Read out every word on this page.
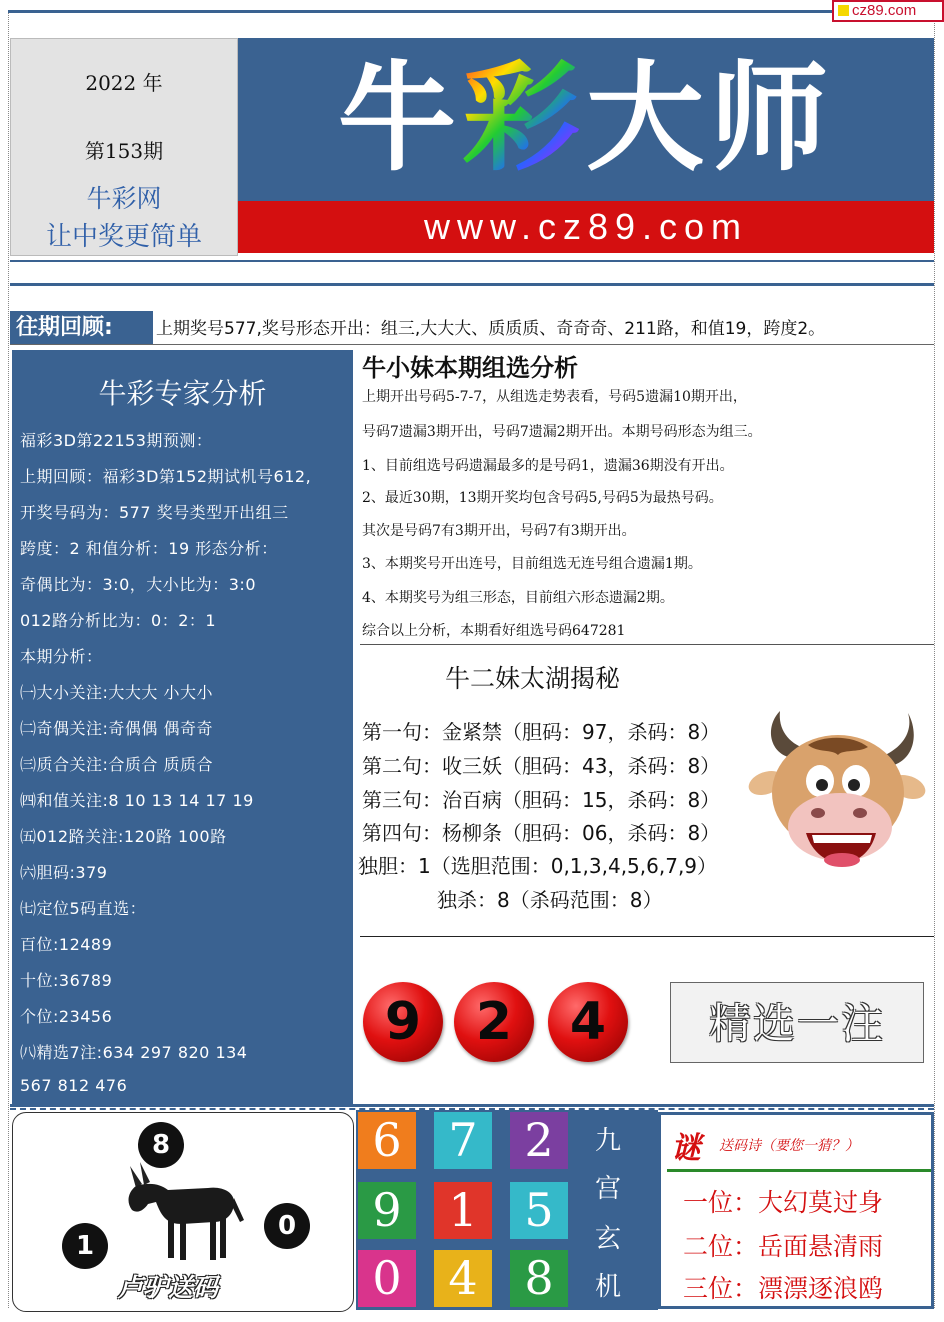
cz89.com
2022 年
第153期
牛彩网
让中奖更简单
牛彩大师
www.cz89.com
往期回顾:	上期奖号577,奖号形态开出：组三,大大大、质质质、奇奇奇、211路，和值19，跨度2。
牛彩专家分析
福彩3D第22153期预测：
上期回顾：福彩3D第152期试机号612,
开奖号码为：577 奖号类型开出组三
跨度：2 和值分析：19 形态分析：
奇偶比为：3:0，大小比为：3:0
012路分析比为：0：2：1
本期分析：
㈠大小关注:大大大 小大小
㈡奇偶关注:奇偶偶 偶奇奇
㈢质合关注:合质合 质质合
㈣和值关注:8 10 13 14 17 19
㈤012路关注:120路 100路
㈥胆码:379
㈦定位5码直选：
百位:12489
十位:36789
个位:23456
㈧精选7注:634 297 820 134
567 812 476
牛小妹本期组选分析
上期开出号码5-7-7，从组选走势表看，号码5遗漏10期开出，
号码7遗漏3期开出，号码7遗漏2期开出。本期号码形态为组三。
1、目前组选号码遗漏最多的是号码1，遗漏36期没有开出。
2、最近30期，13期开奖均包含号码5,号码5为最热号码。
其次是号码7有3期开出，号码7有3期开出。
3、本期奖号开出连号，目前组选无连号组合遗漏1期。
4、本期奖号为组三形态，目前组六形态遗漏2期。
综合以上分析，本期看好组选号码647281
牛二妹太湖揭秘
第一句：金紧禁（胆码：97，杀码：8）
第二句：收三妖（胆码：43，杀码：8）
第三句：治百病（胆码：15，杀码：8）
第四句：杨柳条（胆码：06，杀码：8）
独胆：1（选胆范围：0,1,3,4,5,6,7,9）
独杀：8（杀码范围：8）
9	2	4	精选一注
8
1
0
卢驴送码
6	7	2
9	1	5
0	4	8
九
宫
玄
机
谜 送码诗（要您一猜？）
一位：大幻莫过身
二位：岳面悬清雨
三位：漂漂逐浪鸥
